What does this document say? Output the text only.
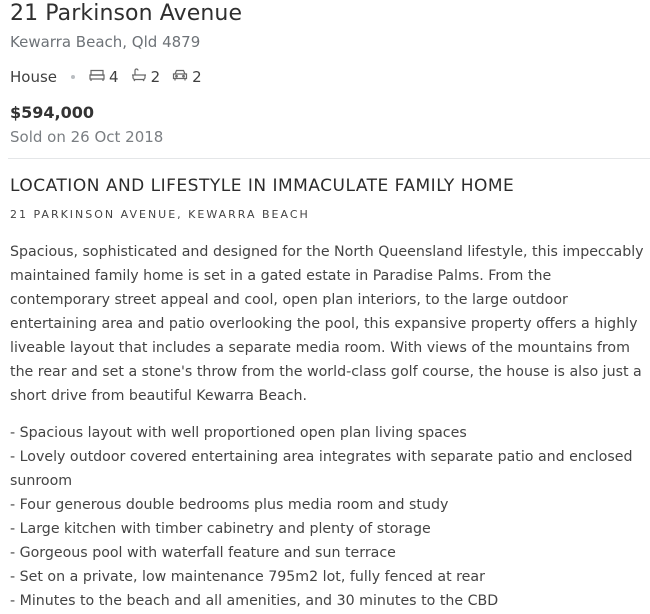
21 Parkinson Avenue
Kewarra Beach, Qld 4879
House	4 2 2
$594,000
Sold on 26 Oct 2018
LOCATION AND LIFESTYLE IN IMMACULATE FAMILY HOME
21 PARKINSON AVENUE, KEWARRA BEACH

Spacious, sophisticated and designed for the North Queensland lifestyle, this impeccably maintained family home is set in a gated estate in Paradise Palms. From the contemporary street appeal and cool, open plan interiors, to the large outdoor entertaining area and patio overlooking the pool, this expansive property offers a highly liveable layout that includes a separate media room. With views of the mountains from the rear and set a stone's throw from the world-class golf course, the house is also just a short drive from beautiful Kewarra Beach.

- Spacious layout with well proportioned open plan living spaces
- Lovely outdoor covered entertaining area integrates with separate patio and enclosed sunroom
- Four generous double bedrooms plus media room and study
- Large kitchen with timber cabinetry and plenty of storage
- Gorgeous pool with waterfall feature and sun terrace
- Set on a private, low maintenance 795m2 lot, fully fenced at rear
- Minutes to the beach and all amenities, and 30 minutes to the CBD
